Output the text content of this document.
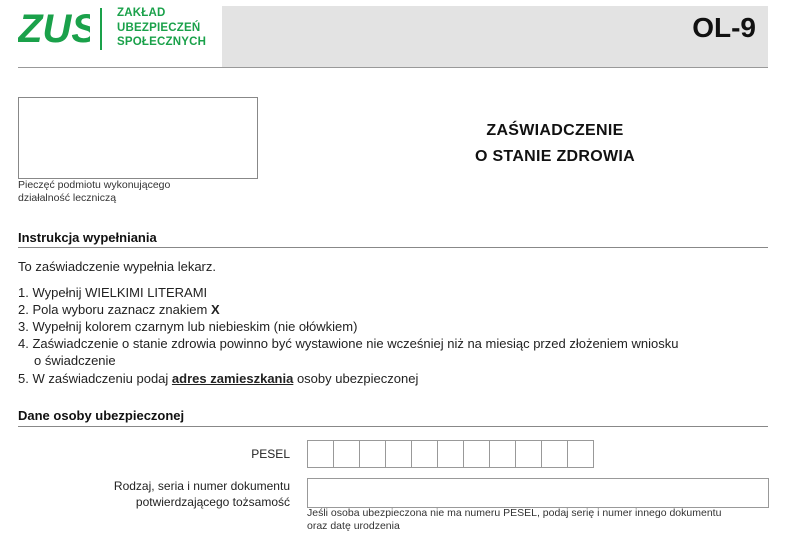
ZUS ZAKŁAD
UBEZPIECZEŃ
SPOŁECZNYCH	OL-9
Pieczęć podmiotu wykonującego
działalność leczniczą
ZAŚWIADCZENIE
O STANIE ZDROWIA
Instrukcja wypełniania
To zaświadczenie wypełnia lekarz.
1. Wypełnij WIELKIMI LITERAMI
2. Pola wyboru zaznacz znakiem X
3. Wypełnij kolorem czarnym lub niebieskim (nie ołówkiem)
4. Zaświadczenie o stanie zdrowia powinno być wystawione nie wcześniej niż na miesiąc przed złożeniem wniosku
o świadczenie
5. W zaświadczeniu podaj adres zamieszkania osoby ubezpieczonej
Dane osoby ubezpieczonej
PESEL
Rodzaj, seria i numer dokumentu
potwierdzającego tożsamość
Jeśli osoba ubezpieczona nie ma numeru PESEL, podaj serię i numer innego dokumentu
oraz datę urodzenia
